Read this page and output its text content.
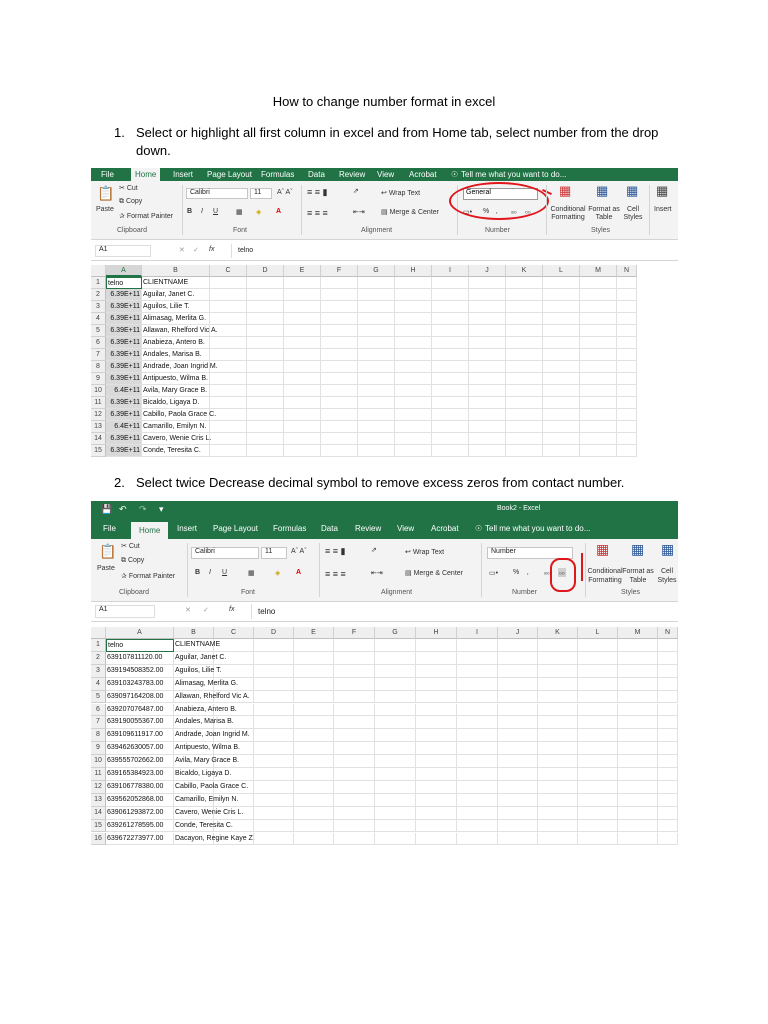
How to change number format in excel
1. Select or highlight all first column in excel and from Home tab, select number from the drop down.
File	Home	Insert Page Layout Formulas Data Review View Acrobat ☉ Tell me what you want to do...
📋
Paste
✂ Cut
⧉ Copy
✰ Format Painter
Clipboard
Calibri	11	Aˆ Aˇ
B I U	▦ ◈ A
Font
≡ ≡ ▮	⇗	↩ Wrap Text
≡ ≡ ≡	⇤⇥ ▤ Merge & Center
Alignment
General
▭• % ‚ ₈₀ ₀₀
Number
▦
Conditional Formatting
▦
Format as Table
▦
Cell Styles
Styles
▦
Insert
A1	✕ ✓ fx	telno
A	B	C	D	E	F	G	H	I	J	K	L	M	N
1	telno	CLIENTNAME
2	6.39E+11 Aguilar, Janet C.
3	6.39E+11 Aguilos, Lilie T.
4	6.39E+11 Alimasag, Merlita G.
5	6.39E+11 Allawan, Rhelford Vic A.
6	6.39E+11 Anabieza, Antero B.
7	6.39E+11 Andales, Marisa B.
8	6.39E+11 Andrade, Joan Ingrid M.
9	6.39E+11 Antipuesto, Wilma B.
10	6.4E+11 Avila, Mary Grace B.
11	6.39E+11 Bicaldo, Ligaya D.
12	6.39E+11 Cabillo, Paola Grace C.
13	6.4E+11 Camarillo, Emilyn N.
14	6.39E+11 Cavero, Wenie Cris L.
15	6.39E+11 Conde, Teresita C.
2. Select twice Decrease decimal symbol to remove excess zeros from contact number.
💾 ↶ ↷ ▾	Book2 - Excel
File	Home	Insert Page Layout Formulas Data Review View Acrobat ☉ Tell me what you want to do...
📋
Paste
✂ Cut
⧉ Copy
✰ Format Painter
Clipboard
Calibri	11	Aˆ Aˇ
B I U	▦	◈ A
Font
≡ ≡ ▮	⇗	↩ Wrap Text
≡ ≡ ≡	⇤⇥	▤ Merge & Center
Alignment
Number
▭• % ‚ ₈₀ ₀₀
Number
▦
Conditional Formatting
▦
Format as Table
▦
Cell Styles
Styles
A1	✕ ✓	fx	telno
A	B	C	D	E	F	G	H	I	J	K	L	M	N
1	telno	CLIENTNAME
2	639107811120.00	Aguilar, Janet C.
3	639194508352.00	Aguilos, Lilie T.
4	639103243783.00	Alimasag, Merlita G.
5	639097164208.00	Allawan, Rhelford Vic A.
6	639207076487.00	Anabieza, Antero B.
7	639190055367.00	Andales, Marisa B.
8	639109611917.00	Andrade, Joan Ingrid M.
9	639462630057.00	Antipuesto, Wilma B.
10 639555702662.00	Avila, Mary Grace B.
11 639165384923.00	Bicaldo, Ligaya D.
12 639106778380.00	Cabillo, Paola Grace C.
13 639562052868.00	Camarillo, Emilyn N.
14 639061293872.00	Cavero, Wenie Cris L.
15 639261278595.00	Conde, Teresita C.
16 639672273977.00	Dacayon, Regine Kaye Z.
